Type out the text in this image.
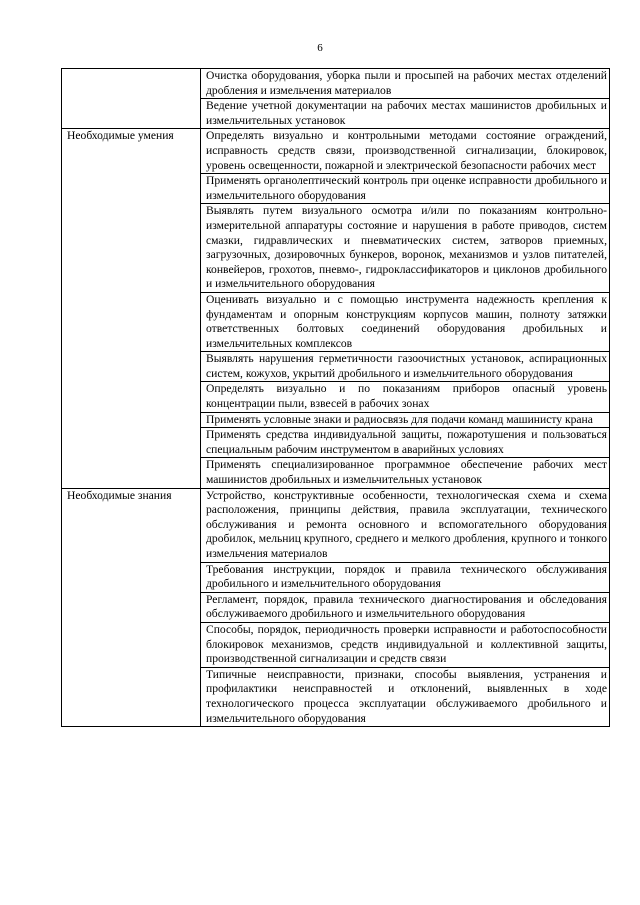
6
	Очистка оборудования, уборка пыли и просыпей на рабочих местах отделений дробления и измельчения материалов
	Ведение учетной документации на рабочих местах машинистов дробильных и измельчительных установок
Необходимые умения	Определять визуально и контрольными методами состояние ограждений, исправность средств связи, производственной сигнализации, блокировок, уровень освещенности, пожарной и электрической безопасности рабочих мест
	Применять органолептический контроль при оценке исправности дробильного и измельчительного оборудования
	Выявлять путем визуального осмотра и/или по показаниям контрольно-измерительной аппаратуры состояние и нарушения в работе приводов, систем смазки, гидравлических и пневматических систем, затворов приемных, загрузочных, дозировочных бункеров, воронок, механизмов и узлов питателей, конвейеров, грохотов, пневмо-, гидроклассификаторов и циклонов дробильного и измельчительного оборудования
	Оценивать визуально и с помощью инструмента надежность крепления к фундаментам и опорным конструкциям корпусов машин, полноту затяжки ответственных болтовых соединений оборудования дробильных и измельчительных комплексов
	Выявлять нарушения герметичности газоочистных установок, аспирационных систем, кожухов, укрытий дробильного и измельчительного оборудования
	Определять визуально и по показаниям приборов опасный уровень концентрации пыли, взвесей в рабочих зонах
	Применять условные знаки и радиосвязь для подачи команд машинисту крана
	Применять средства индивидуальной защиты, пожаротушения и пользоваться специальным рабочим инструментом в аварийных условиях
	Применять специализированное программное обеспечение рабочих мест машинистов дробильных и измельчительных установок
Необходимые знания	Устройство, конструктивные особенности, технологическая схема и схема расположения, принципы действия, правила эксплуатации, технического обслуживания и ремонта основного и вспомогательного оборудования дробилок, мельниц крупного, среднего и мелкого дробления, крупного и тонкого измельчения материалов
	Требования инструкции, порядок и правила технического обслуживания дробильного и измельчительного оборудования
	Регламент, порядок, правила технического диагностирования и обследования обслуживаемого дробильного и измельчительного оборудования
	Способы, порядок, периодичность проверки исправности и работоспособности блокировок механизмов, средств индивидуальной и коллективной защиты, производственной сигнализации и средств связи
	Типичные неисправности, признаки, способы выявления, устранения и профилактики неисправностей и отклонений, выявленных в ходе технологического процесса эксплуатации обслуживаемого дробильного и измельчительного оборудования
